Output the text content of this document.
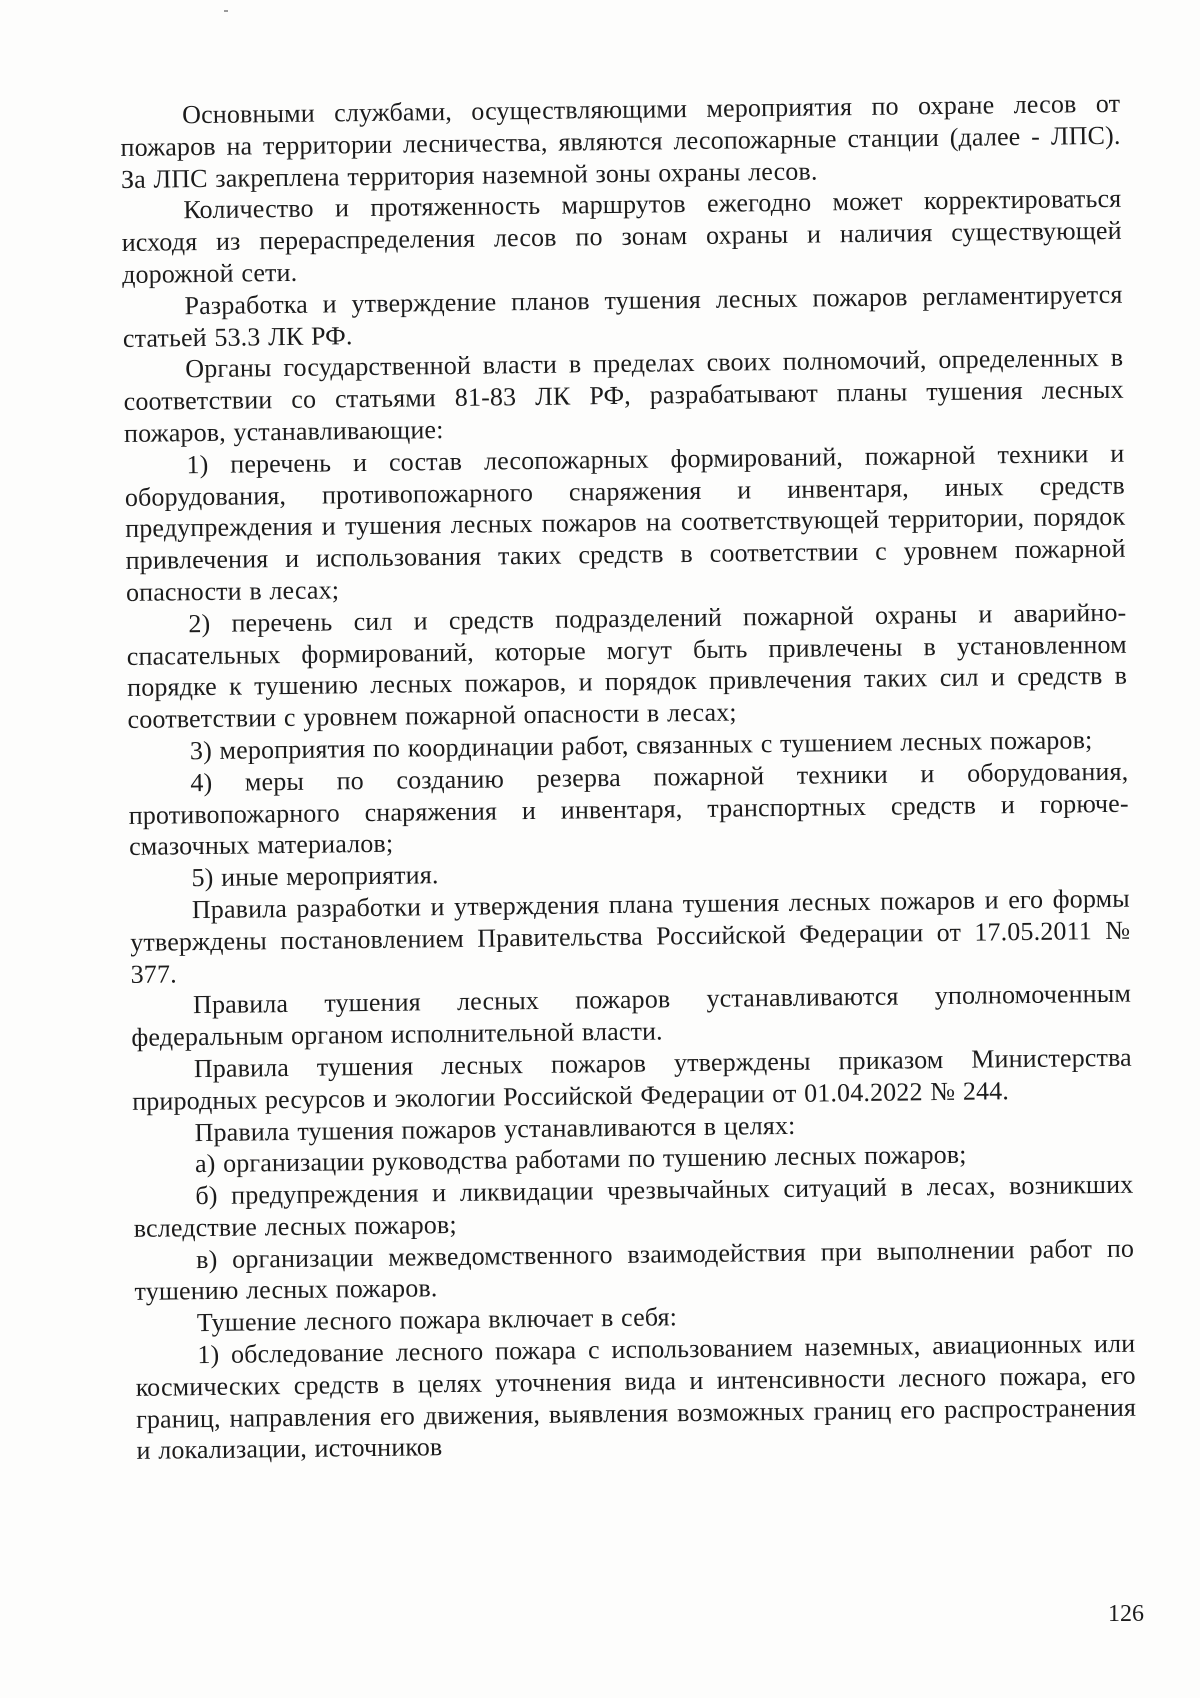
Основными службами, осуществляющими мероприятия по охране лесов от пожаров на территории лесничества, являются лесопожарные станции (далее - ЛПС). За ЛПС закреплена территория наземной зоны охраны лесов.

Количество и протяженность маршрутов ежегодно может корректироваться исходя из перераспределения лесов по зонам охраны и наличия существующей дорожной сети.

Разработка и утверждение планов тушения лесных пожаров регламентируется статьей 53.3 ЛК РФ.

Органы государственной власти в пределах своих полномочий, определенных в соответствии со статьями 81-83 ЛК РФ, разрабатывают планы тушения лесных пожаров, устанавливающие:

1) перечень и состав лесопожарных формирований, пожарной техники и оборудования, противопожарного снаряжения и инвентаря, иных средств предупреждения и тушения лесных пожаров на соответствующей территории, порядок привлечения и использования таких средств в соответствии с уровнем пожарной опасности в лесах;

2) перечень сил и средств подразделений пожарной охраны и аварийно-спасательных формирований, которые могут быть привлечены в установленном порядке к тушению лесных пожаров, и порядок привлечения таких сил и средств в соответствии с уровнем пожарной опасности в лесах;

3) мероприятия по координации работ, связанных с тушением лесных пожаров;

4) меры по созданию резерва пожарной техники и оборудования, противопожарного снаряжения и инвентаря, транспортных средств и горюче-смазочных материалов;

5) иные мероприятия.

Правила разработки и утверждения плана тушения лесных пожаров и его формы утверждены постановлением Правительства Российской Федерации от 17.05.2011 № 377.

Правила тушения лесных пожаров устанавливаются уполномоченным федеральным органом исполнительной власти.

Правила тушения лесных пожаров утверждены приказом Министерства природных ресурсов и экологии Российской Федерации от 01.04.2022 № 244.

Правила тушения пожаров устанавливаются в целях:

а) организации руководства работами по тушению лесных пожаров;

б) предупреждения и ликвидации чрезвычайных ситуаций в лесах, возникших вследствие лесных пожаров;

в) организации межведомственного взаимодействия при выполнении работ по тушению лесных пожаров.

Тушение лесного пожара включает в себя:

1) обследование лесного пожара с использованием наземных, авиационных или космических средств в целях уточнения вида и интенсивности лесного пожара, его границ, направления его движения, выявления возможных границ его распространения и локализации, источников

126
